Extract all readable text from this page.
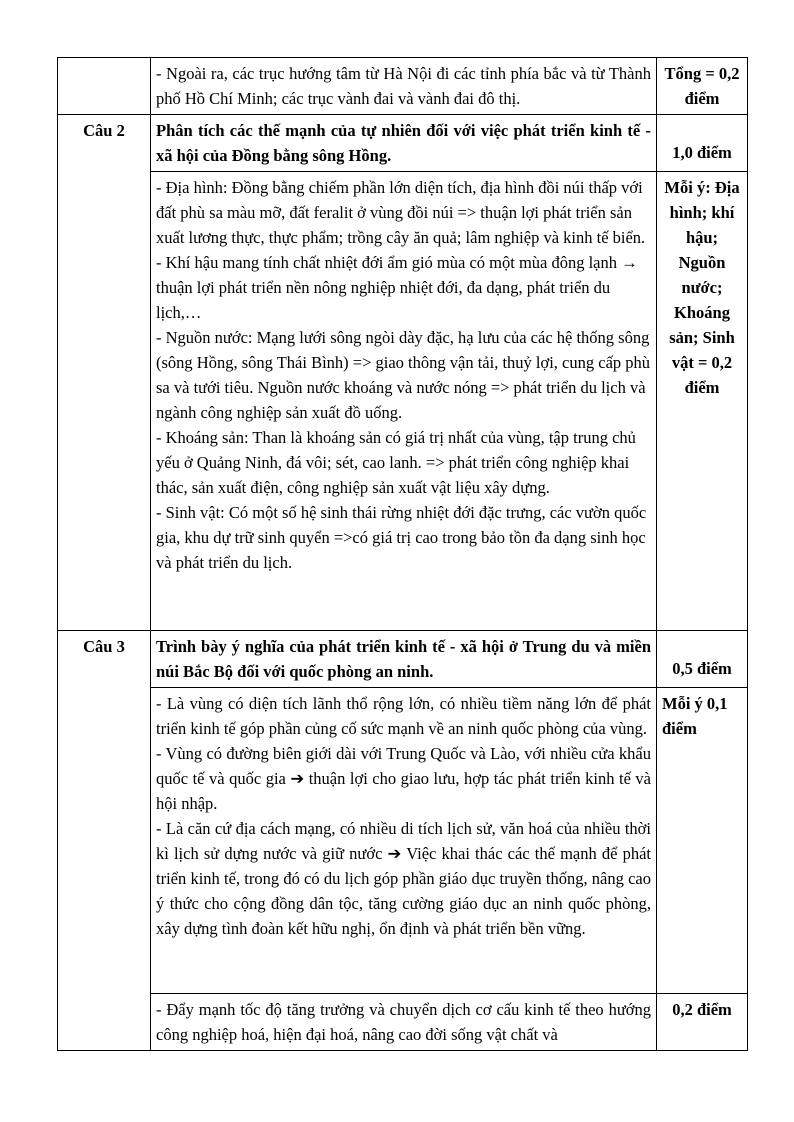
	- Ngoài ra, các trục hướng tâm từ Hà Nội đi các tỉnh phía bắc và từ Thành phố Hồ Chí Minh; các trục vành đai và vành đai đô thị.	Tổng = 0,2 điểm
Câu 2	Phân tích các thế mạnh của tự nhiên đối với việc phát triển kinh tế - xã hội của Đồng bằng sông Hồng.	1,0 điểm

	- Địa hình: Đồng bằng chiếm phần lớn diện tích, địa hình đồi núi thấp với đất phù sa màu mỡ, đất feralit ở vùng đồi núi => thuận lợi phát triển sản xuất lương thực, thực phẩm; trồng cây ăn quả; lâm nghiệp và kinh tế biển.

- Khí hậu mang tính chất nhiệt đới ẩm gió mùa có một mùa đông lạnh → thuận lợi phát triển nền nông nghiệp nhiệt đới, đa dạng, phát triển du lịch,…

- Nguồn nước: Mạng lưới sông ngòi dày đặc, hạ lưu của các hệ thống sông (sông Hồng, sông Thái Bình) => giao thông vận tải, thuỷ lợi, cung cấp phù sa và tưới tiêu. Nguồn nước khoáng và nước nóng => phát triển du lịch và ngành công nghiệp sản xuất đồ uống.

- Khoáng sản: Than là khoáng sản có giá trị nhất của vùng, tập trung chủ yếu ở Quảng Ninh, đá vôi; sét, cao lanh. => phát triển công nghiệp khai thác, sản xuất điện, công nghiệp sản xuất vật liệu xây dựng.

- Sinh vật: Có một số hệ sinh thái rừng nhiệt đới đặc trưng, các vườn quốc gia, khu dự trữ sinh quyển =>có giá trị cao trong bảo tồn đa dạng sinh học và phát triển du lịch.	Mỗi ý: Địa hình; khí hậu; Nguồn nước; Khoáng sản; Sinh vật = 0,2 điểm
Câu 3	Trình bày ý nghĩa của phát triển kinh tế - xã hội ở Trung du và miền núi Bắc Bộ đối với quốc phòng an ninh.	0,5 điểm

	- Là vùng có diện tích lãnh thổ rộng lớn, có nhiều tiềm năng lớn để phát triển kinh tế góp phần củng cố sức mạnh về an ninh quốc phòng của vùng.

- Vùng có đường biên giới dài với Trung Quốc và Lào, với nhiều cửa khẩu quốc tế và quốc gia ➔ thuận lợi cho giao lưu, hợp tác phát triển kinh tế và hội nhập.

- Là căn cứ địa cách mạng, có nhiều di tích lịch sử, văn hoá của nhiều thời kì lịch sử dựng nước và giữ nước ➔ Việc khai thác các thế mạnh để phát triển kinh tế, trong đó có du lịch góp phần giáo dục truyền thống, nâng cao ý thức cho cộng đồng dân tộc, tăng cường giáo dục an ninh quốc phòng, xây dựng tình đoàn kết hữu nghị, ổn định và phát triển bền vững.	Mỗi ý 0,1 điểm
	- Đẩy mạnh tốc độ tăng trưởng và chuyển dịch cơ cấu kinh tế theo hướng công nghiệp hoá, hiện đại hoá, nâng cao đời sống vật chất và	0,2 điểm
